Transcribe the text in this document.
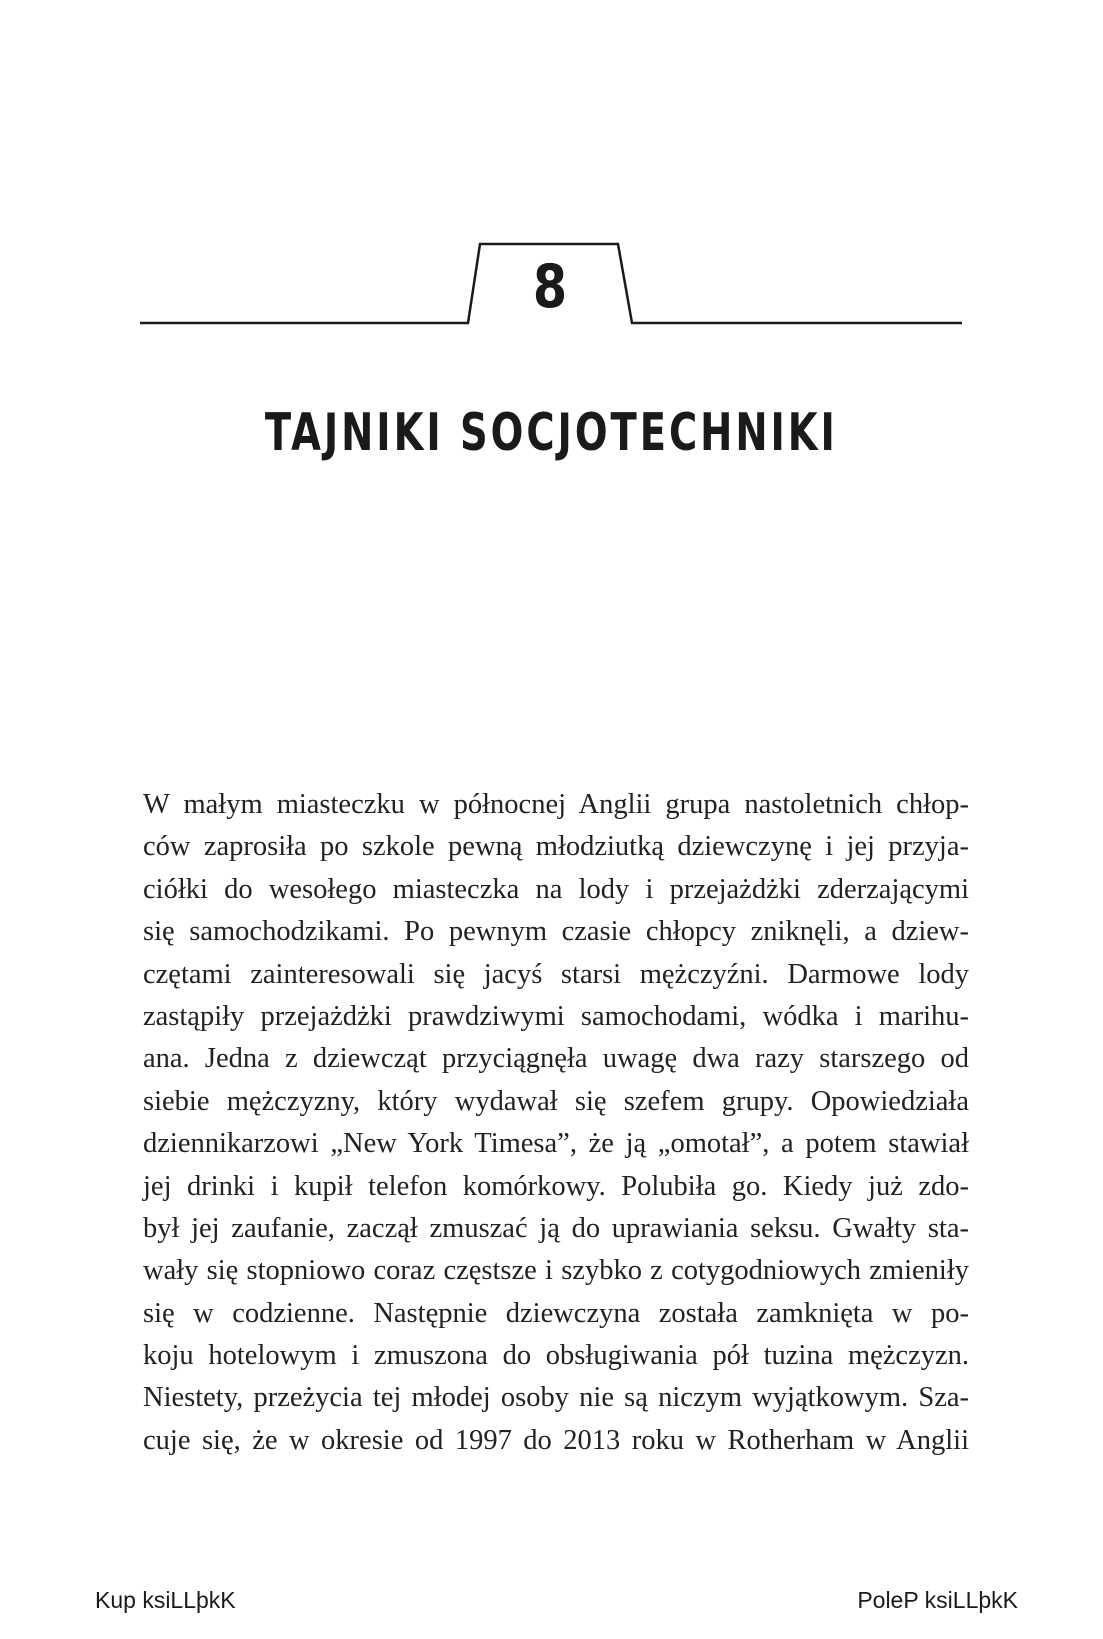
8
TAJNIKI SOCJOTECHNIKI
W małym miasteczku w północnej Anglii grupa nastoletnich chłop-
ców zaprosiła po szkole pewną młodziutką dziewczynę i jej przyja-
ciółki do wesołego miasteczka na lody i przejażdżki zderzającymi
się samochodzikami. Po pewnym czasie chłopcy zniknęli, a dziew-
czętami zainteresowali się jacyś starsi mężczyźni. Darmowe lody
zastąpiły przejażdżki prawdziwymi samochodami, wódka i marihu-
ana. Jedna z dziewcząt przyciągnęła uwagę dwa razy starszego od
siebie mężczyzny, który wydawał się szefem grupy. Opowiedziała
dziennikarzowi „New York Timesa”, że ją „omotał”, a potem stawiał
jej drinki i kupił telefon komórkowy. Polubiła go. Kiedy już zdo-
był jej zaufanie, zaczął zmuszać ją do uprawiania seksu. Gwałty sta-
wały się stopniowo coraz częstsze i szybko z cotygodniowych zmieniły
się w codzienne. Następnie dziewczyna została zamknięta w po-
koju hotelowym i zmuszona do obsługiwania pół tuzina mężczyzn.
Niestety, przeżycia tej młodej osoby nie są niczym wyjątkowym. Sza-
cuje się, że w okresie od 1997 do 2013 roku w Rotherham w Anglii
Kup ksiLLþkK	PoleP ksiLLþkK
